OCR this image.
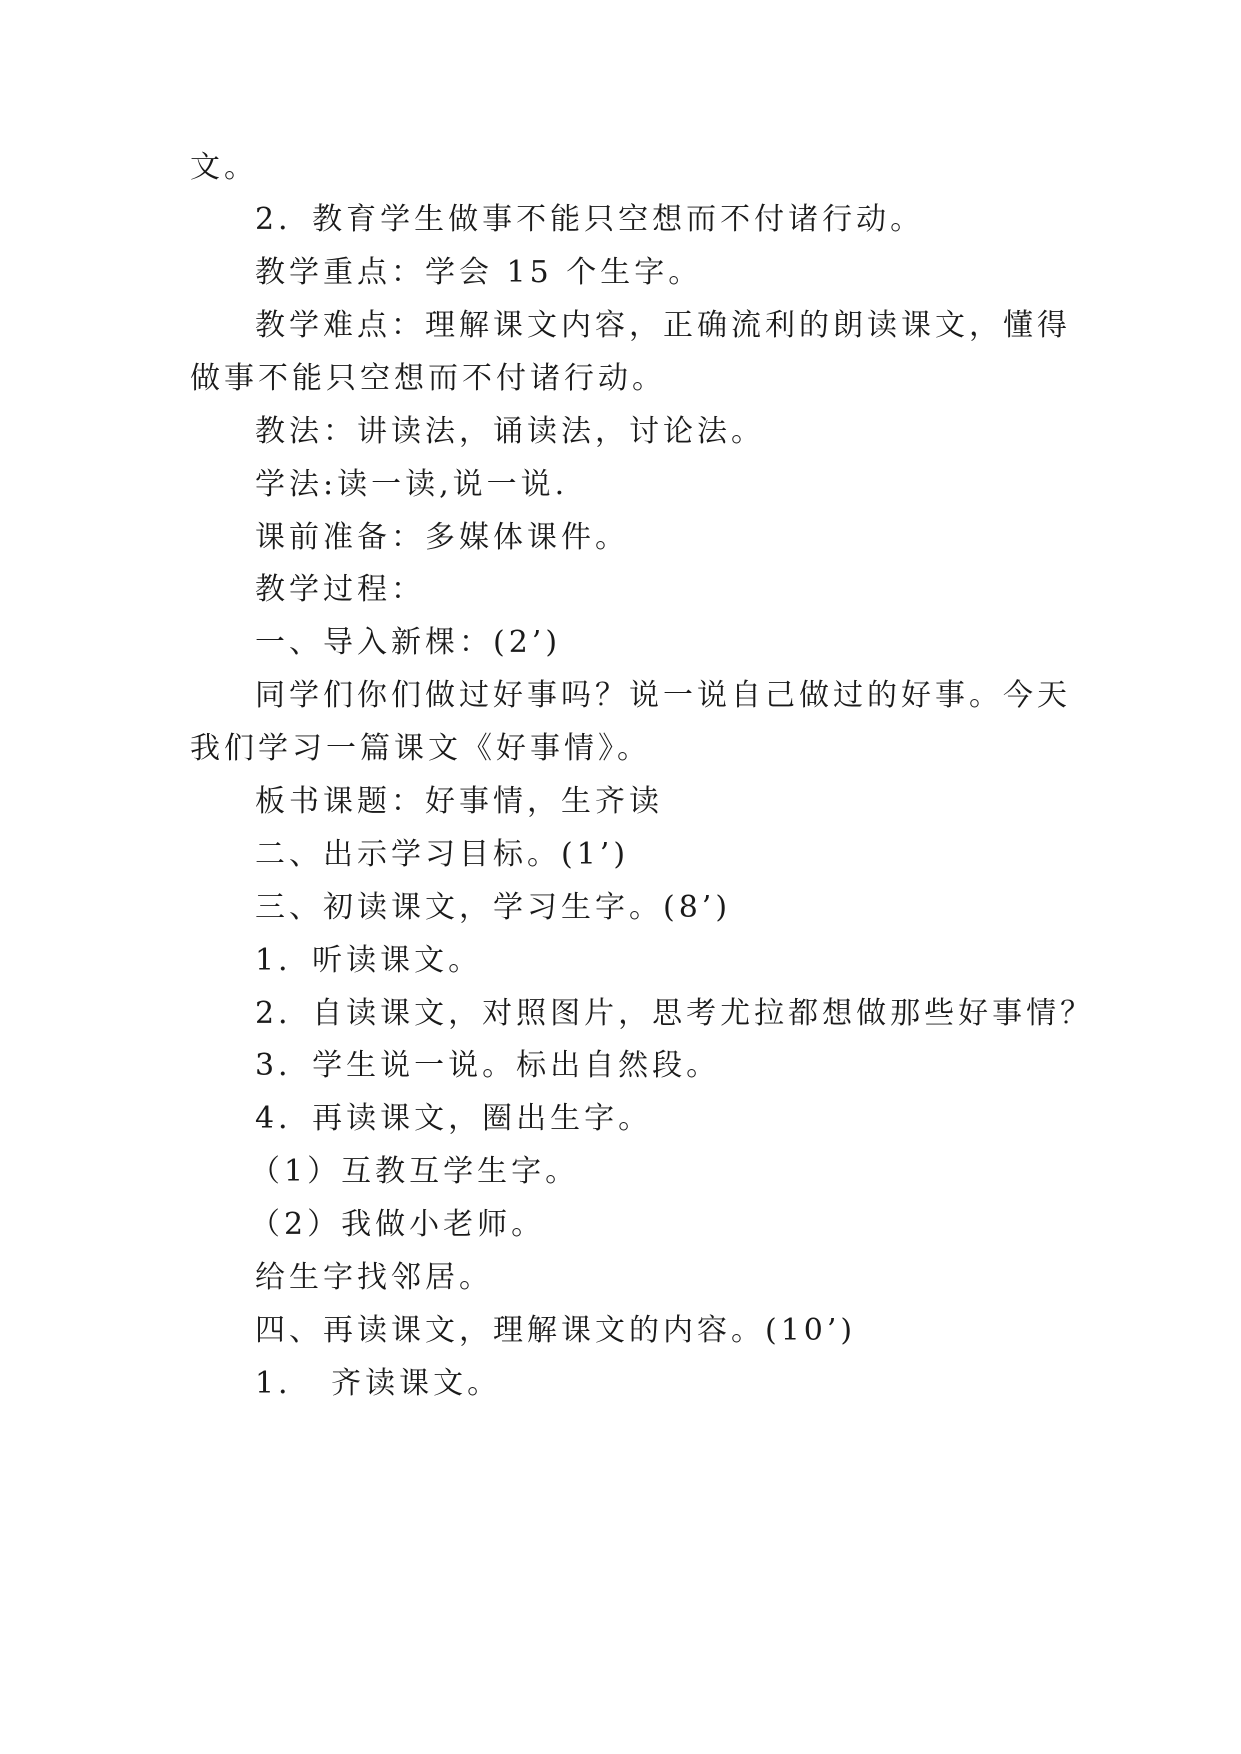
文。
2．教育学生做事不能只空想而不付诸行动。
教学重点：学会 15 个生字。
教学难点：理解课文内容，正确流利的朗读课文，懂得
做事不能只空想而不付诸行动。
教法：讲读法，诵读法，讨论法。
学法:读一读,说一说.
课前准备：多媒体课件。
教学过程：
一、导入新棵：(2’)
同学们你们做过好事吗？说一说自己做过的好事。今天
我们学习一篇课文《好事情》。
板书课题：好事情，生齐读
二、出示学习目标。(1’)
三、初读课文，学习生字。(8’)
1．听读课文。
2．自读课文，对照图片，思考尤拉都想做那些好事情？
3．学生说一说。标出自然段。
4．再读课文，圈出生字。
（1）互教互学生字。
（2）我做小老师。
给生字找邻居。
四、再读课文，理解课文的内容。(10’)
1．　齐读课文。
